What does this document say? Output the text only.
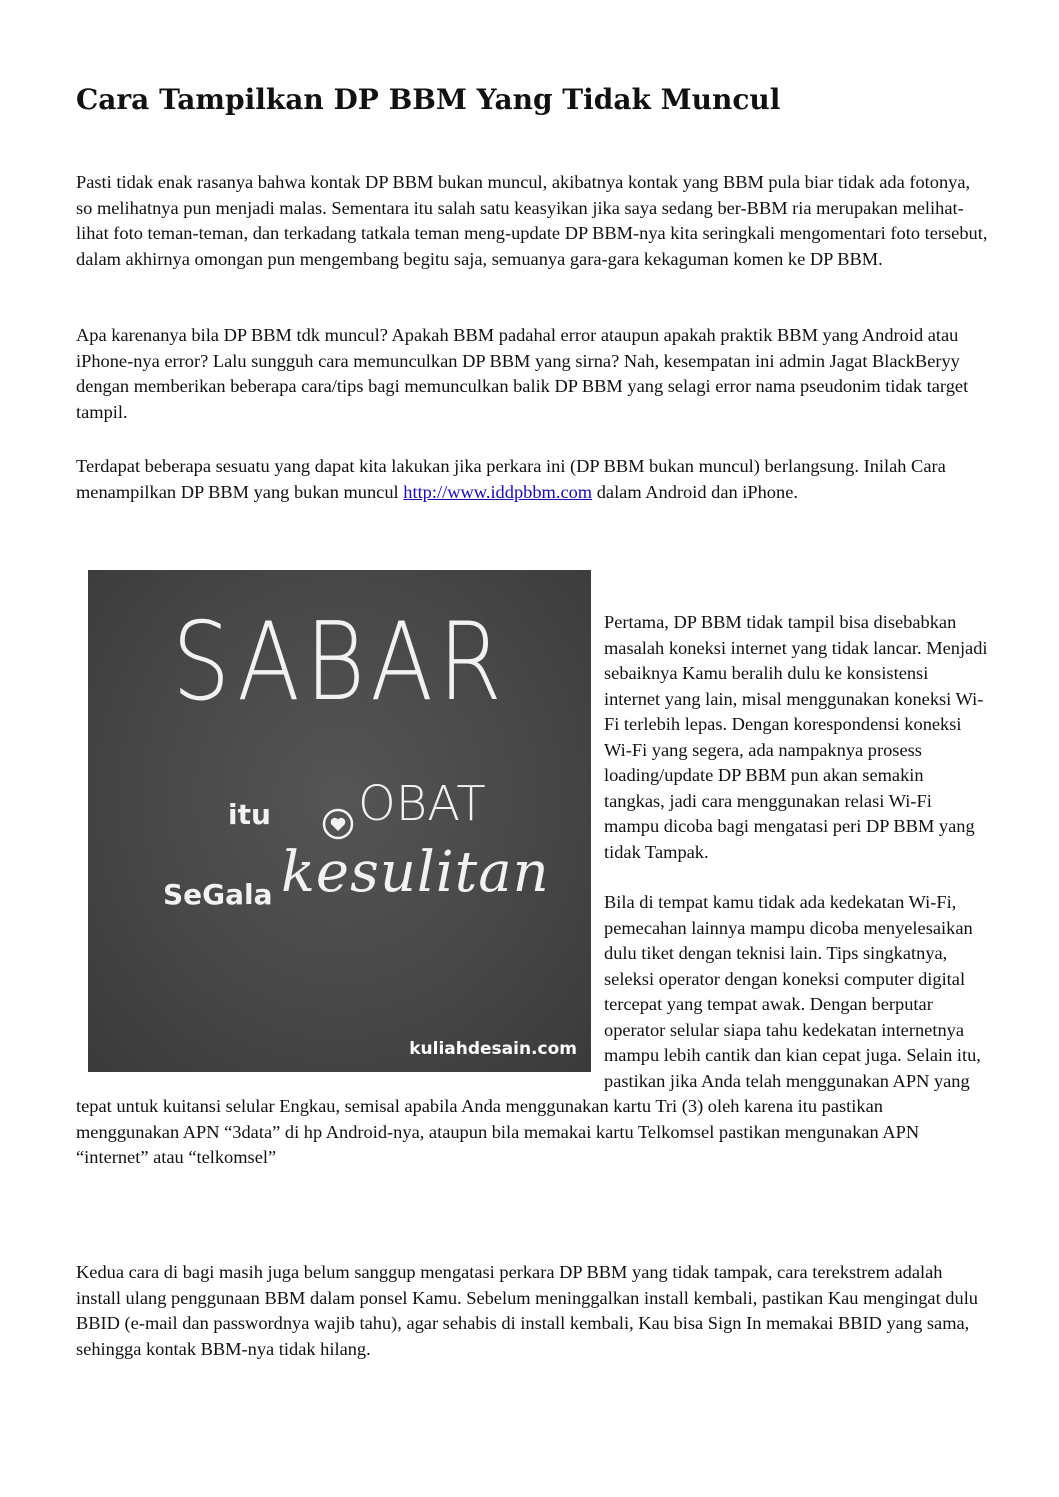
Cara Tampilkan DP BBM Yang Tidak Muncul

Pasti tidak enak rasanya bahwa kontak DP BBM bukan muncul, akibatnya kontak yang BBM pula biar tidak ada fotonya, so melihatnya pun menjadi malas. Sementara itu salah satu keasyikan jika saya sedang ber-BBM ria merupakan melihat-lihat foto teman-teman, dan terkadang tatkala teman meng-update DP BBM-nya kita seringkali mengomentari foto tersebut, dalam akhirnya omongan pun mengembang begitu saja, semuanya gara-gara kekaguman komen ke DP BBM.

Apa karenanya bila DP BBM tdk muncul? Apakah BBM padahal error ataupun apakah praktik BBM yang Android atau iPhone-nya error? Lalu sungguh cara memunculkan DP BBM yang sirna? Nah, kesempatan ini admin Jagat BlackBeryy dengan memberikan beberapa cara/tips bagi memunculkan balik DP BBM yang selagi error nama pseudonim tidak target tampil.

Terdapat beberapa sesuatu yang dapat kita lakukan jika perkara ini (DP BBM bukan muncul) berlangsung. Inilah Cara menampilkan DP BBM yang bukan muncul http://www.iddpbbm.com dalam Android dan iPhone.

SABAR
itu OBAT
SeGala kesulitan
kuliahdesain.com

Pertama, DP BBM tidak tampil bisa disebabkan masalah koneksi internet yang tidak lancar. Menjadi sebaiknya Kamu beralih dulu ke konsistensi internet yang lain, misal menggunakan koneksi Wi-Fi terlebih lepas. Dengan korespondensi koneksi Wi-Fi yang segera, ada nampaknya prosess loading/update DP BBM pun akan semakin tangkas, jadi cara menggunakan relasi Wi-Fi mampu dicoba bagi mengatasi peri DP BBM yang tidak Tampak.

Bila di tempat kamu tidak ada kedekatan Wi-Fi, pemecahan lainnya mampu dicoba menyelesaikan dulu tiket dengan teknisi lain. Tips singkatnya, seleksi operator dengan koneksi computer digital tercepat yang tempat awak. Dengan berputar operator selular siapa tahu kedekatan internetnya mampu lebih cantik dan kian cepat juga. Selain itu, pastikan jika Anda telah menggunakan APN yang tepat untuk kuitansi selular Engkau, semisal apabila Anda menggunakan kartu Tri (3) oleh karena itu pastikan menggunakan APN “3data” di hp Android-nya, ataupun bila memakai kartu Telkomsel pastikan mengunakan APN “internet” atau “telkomsel”

Kedua cara di bagi masih juga belum sanggup mengatasi perkara DP BBM yang tidak tampak, cara terekstrem adalah install ulang penggunaan BBM dalam ponsel Kamu. Sebelum meninggalkan install kembali, pastikan Kau mengingat dulu BBID (e-mail dan passwordnya wajib tahu), agar sehabis di install kembali, Kau bisa Sign In memakai BBID yang sama, sehingga kontak BBM-nya tidak hilang.
